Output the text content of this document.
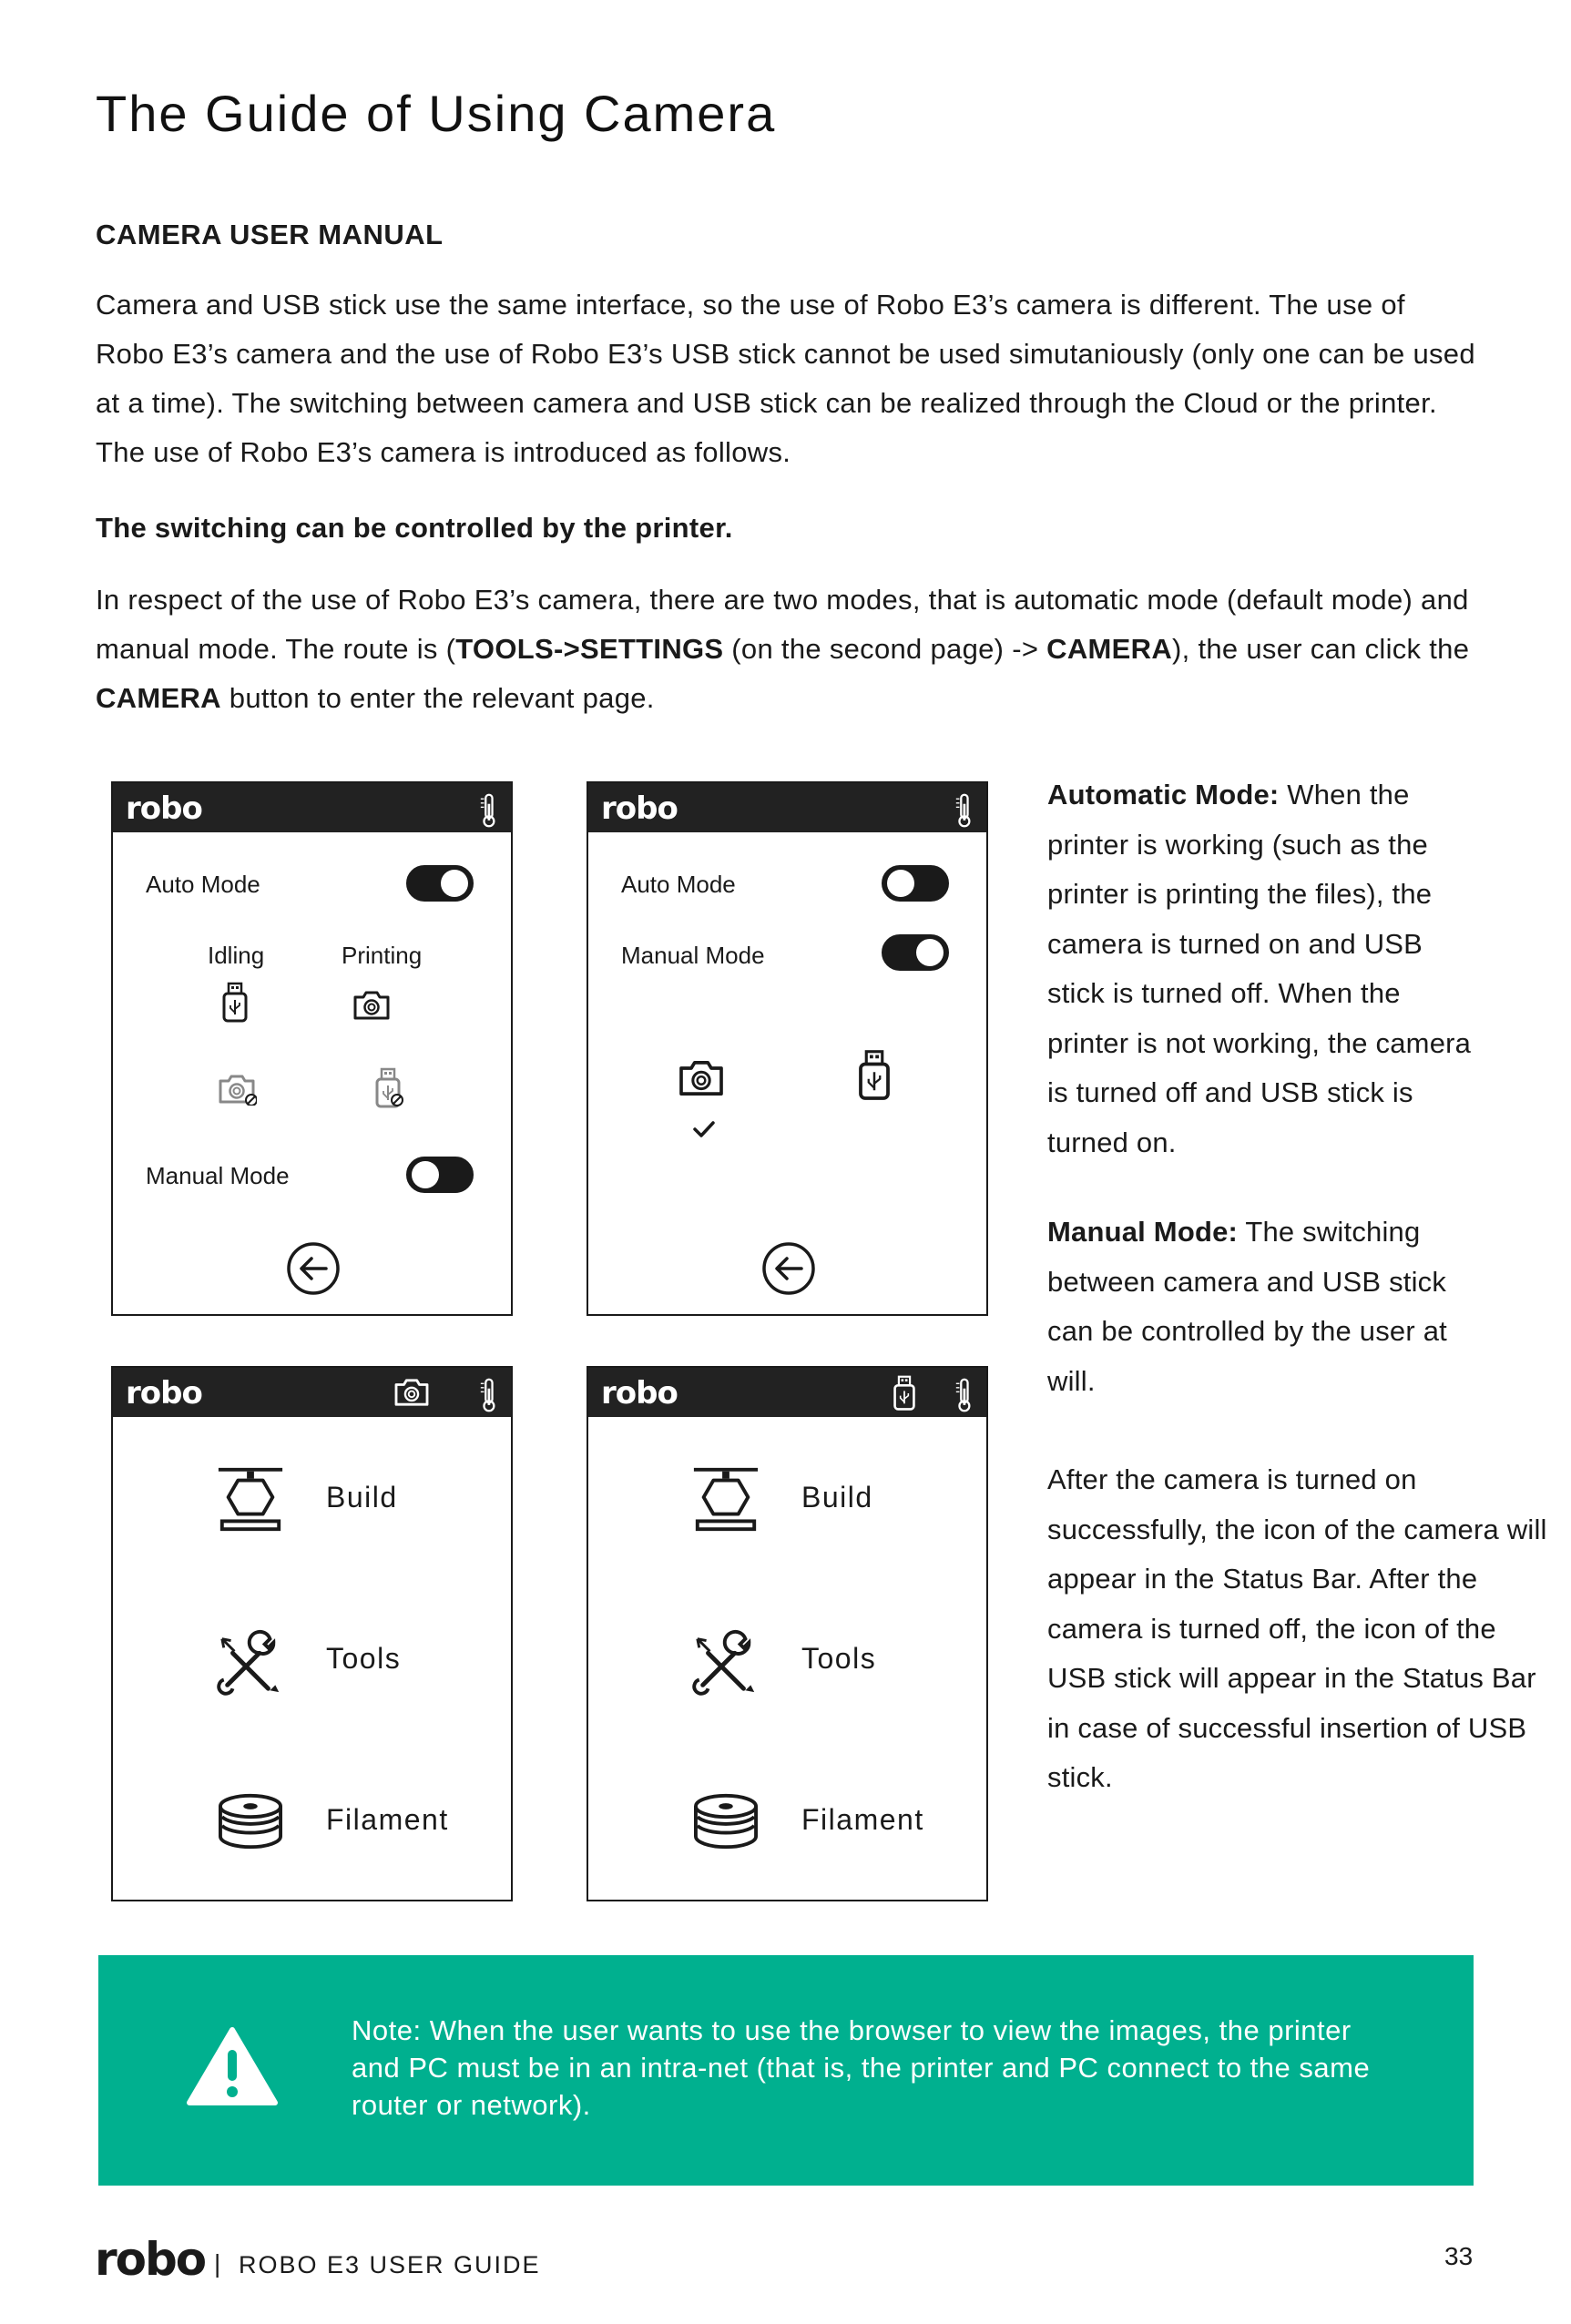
The Guide of Using Camera
CAMERA USER MANUAL

Camera and USB stick use the same interface, so the use of Robo E3’s camera is different. The use of Robo E3’s camera and the use of Robo E3’s USB stick cannot be used simutaniously (only one can be used at a time). The switching between camera and USB stick can be realized through the Cloud or the printer. The use of Robo E3’s camera is introduced as follows.

The switching can be controlled by the printer.

In respect of the use of Robo E3’s camera, there are two modes, that is automatic mode (default mode) and manual mode. The route is (TOOLS->SETTINGS (on the second page) -> CAMERA), the user can click the CAMERA button to enter the relevant page.

robo
Auto Mode
Idling	Printing
Manual Mode
robo
Auto Mode
Manual Mode
robo
Build
Tools
Filament
robo
Build
Tools
Filament

Automatic Mode: When the printer is working (such as the printer is printing the files), the camera is turned on and USB stick is turned off. When the printer is not working, the camera is turned off and USB stick is turned on.

Manual Mode: The switching between camera and USB stick can be controlled by the user at will.

After the camera is turned on successfully, the icon of the camera will appear in the Status Bar. After the camera is turned off, the icon of the USB stick will appear in the Status Bar in case of successful insertion of USB stick.

Note: When the user wants to use the browser to view the images, the printer and PC must be in an intra-net (that is, the printer and PC connect to the same router or network).

robo | ROBO E3 USER GUIDE	33
